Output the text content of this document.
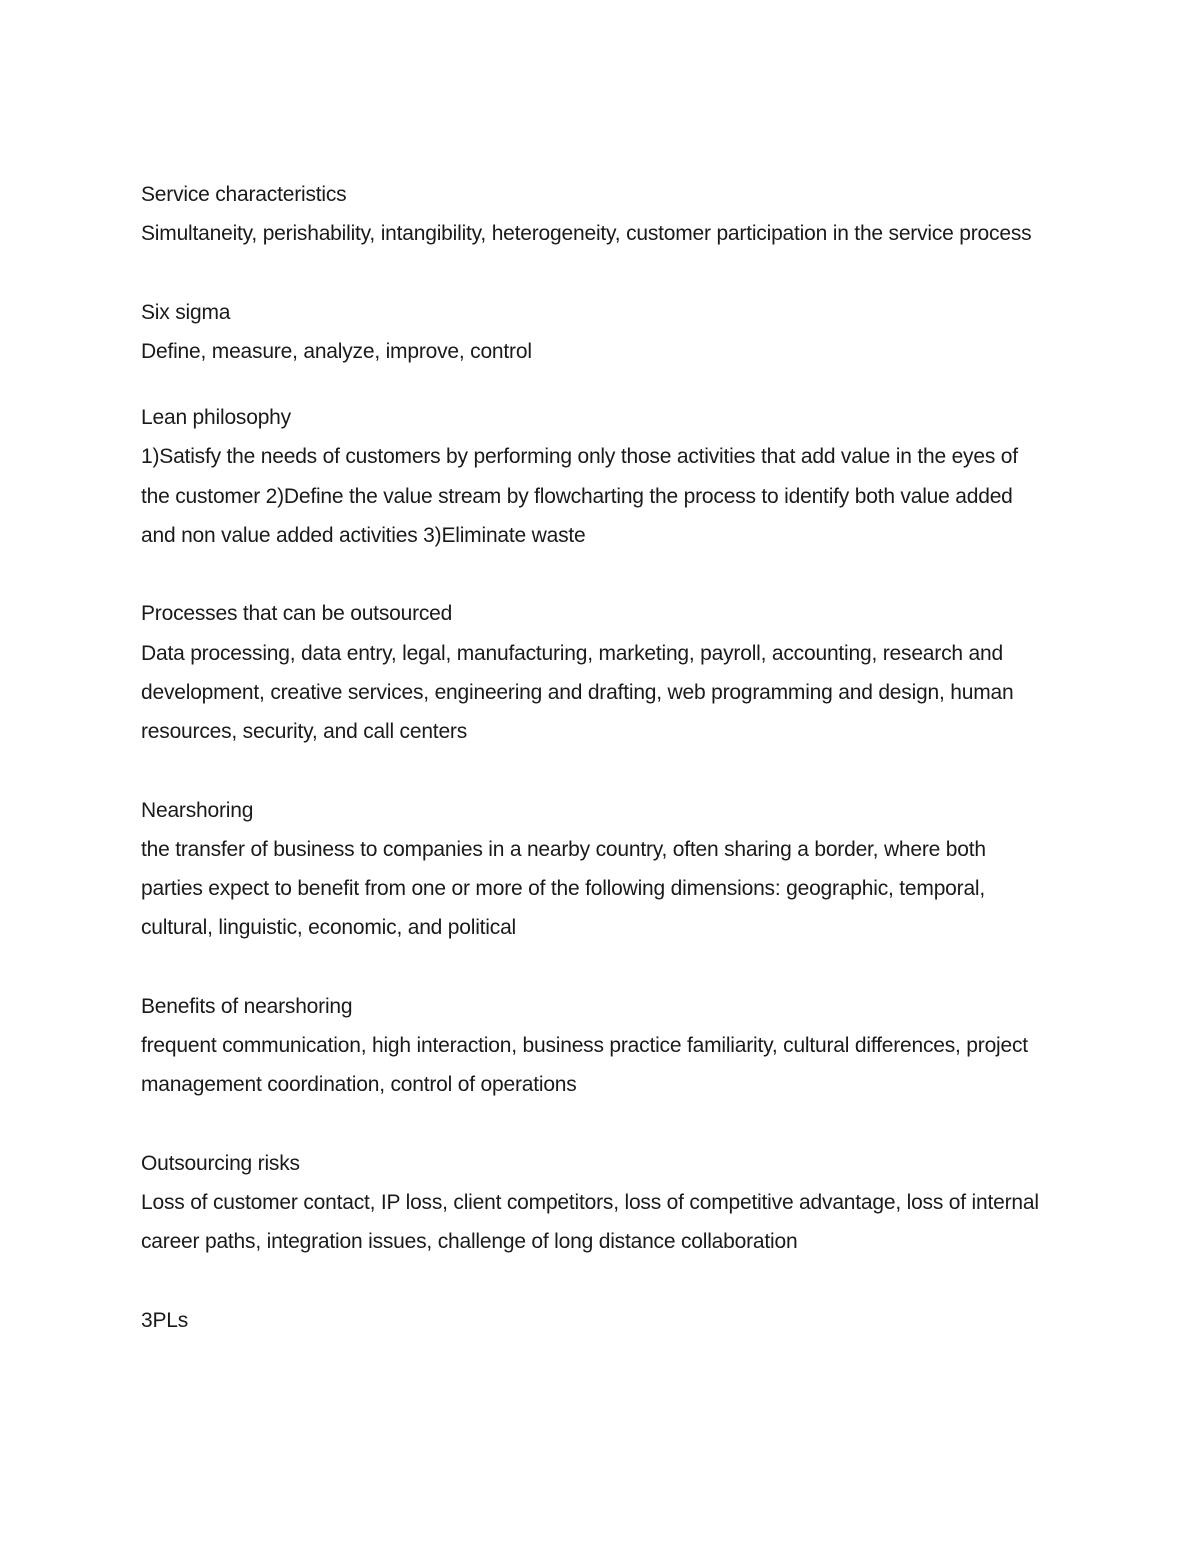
Service characteristics
Simultaneity, perishability, intangibility, heterogeneity, customer participation in the service process
Six sigma
Define, measure, analyze, improve, control
Lean philosophy
1)Satisfy the needs of customers by performing only those activities that add value in the eyes of the customer 2)Define the value stream by flowcharting the process to identify both value added and non value added activities 3)Eliminate waste
Processes that can be outsourced
Data processing, data entry, legal, manufacturing, marketing, payroll, accounting, research and development, creative services, engineering and drafting, web programming and design, human resources, security, and call centers
Nearshoring
the transfer of business to companies in a nearby country, often sharing a border, where both parties expect to benefit from one or more of the following dimensions: geographic, temporal, cultural, linguistic, economic, and political
Benefits of nearshoring
frequent communication, high interaction, business practice familiarity, cultural differences, project management coordination, control of operations
Outsourcing risks
Loss of customer contact, IP loss, client competitors, loss of competitive advantage, loss of internal career paths, integration issues, challenge of long distance collaboration
3PLs
